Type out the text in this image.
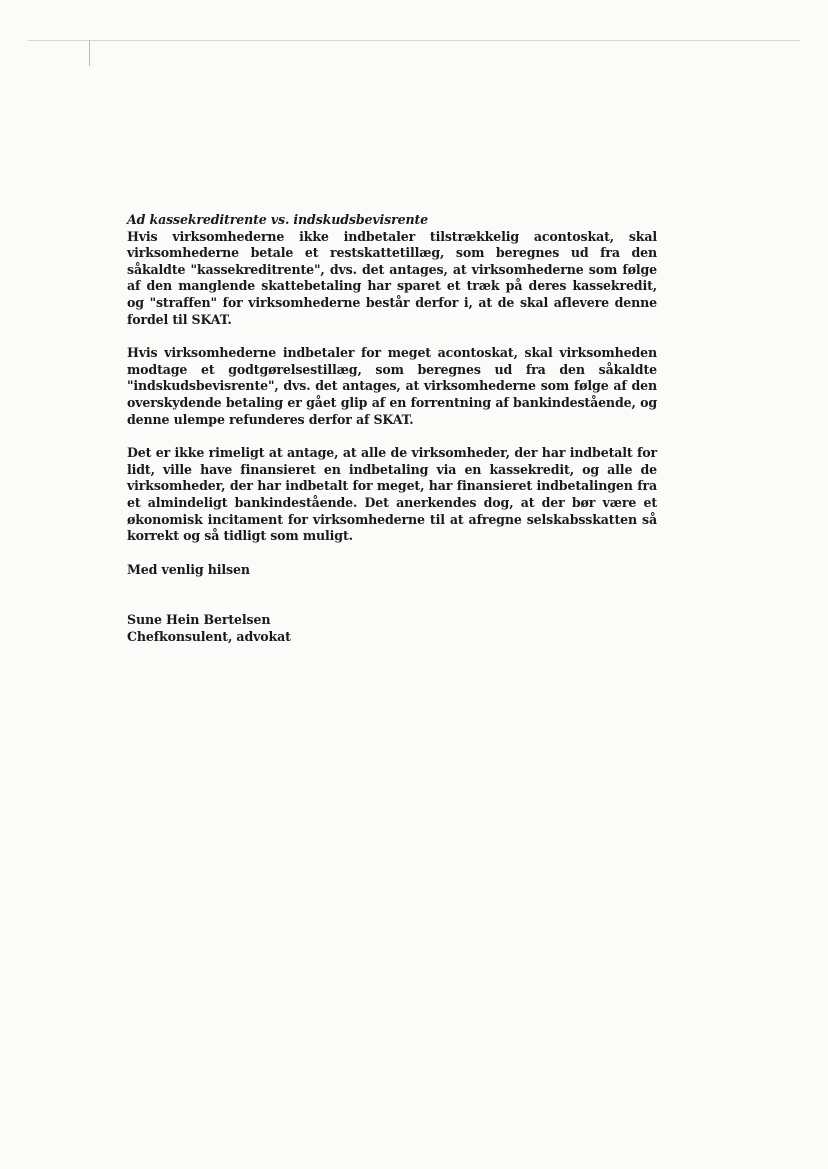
Ad kassekreditrente vs. indskudsbevisrente

Hvis virksomhederne ikke indbetaler tilstrækkelig acontoskat, skal virksomhederne betale et restskattetillæg, som beregnes ud fra den såkaldte "kassekreditrente", dvs. det antages, at virksomhederne som følge af den manglende skattebetaling har sparet et træk på deres kassekredit, og "straffen" for virksomhederne består derfor i, at de skal aflevere denne fordel til SKAT.

Hvis virksomhederne indbetaler for meget acontoskat, skal virksomheden modtage et godtgørelsestillæg, som beregnes ud fra den såkaldte "indskudsbevisrente", dvs. det antages, at virksomhederne som følge af den overskydende betaling er gået glip af en forrentning af bankindestående, og denne ulempe refunderes derfor af SKAT.

Det er ikke rimeligt at antage, at alle de virksomheder, der har indbetalt for lidt, ville have finansieret en indbetaling via en kassekredit, og alle de virksomheder, der har indbetalt for meget, har finansieret indbetalingen fra et almindeligt bankindestående. Det anerkendes dog, at der bør være et økonomisk incitament for virksomhederne til at afregne selskabsskatten så korrekt og så tidligt som muligt.

Med venlig hilsen

Sune Hein Bertelsen
Chefkonsulent, advokat
